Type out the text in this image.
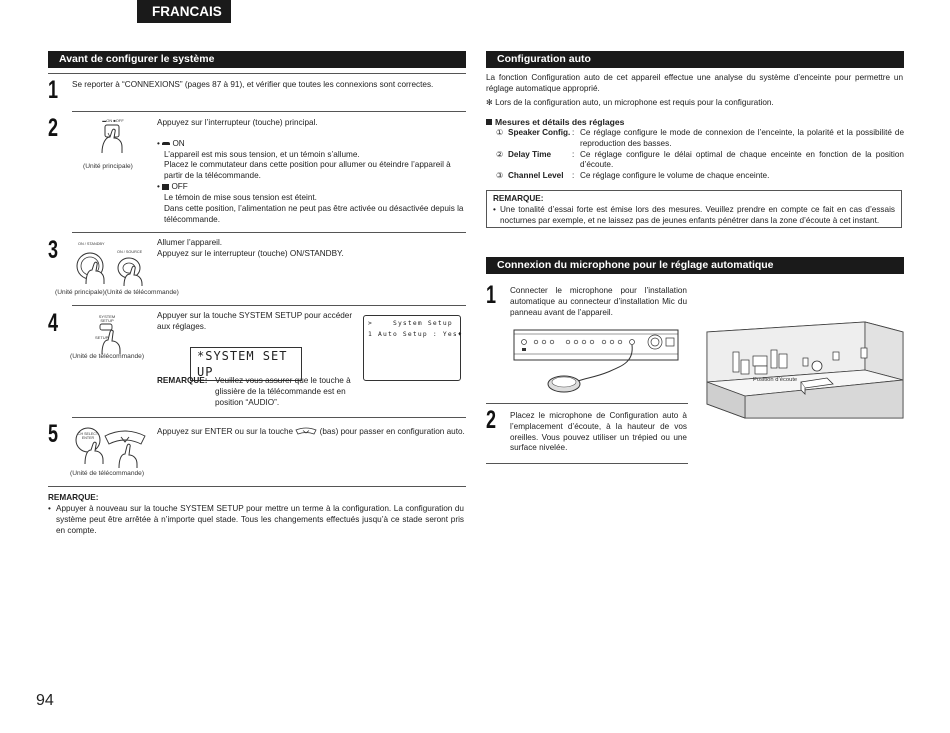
FRANCAIS
Avant de configurer le système
1 Se reporter à “CONNEXIONS” (pages 87 à 91), et vérifier que toutes les connexions sont correctes.
2	▬ON ■OFF
(Unité principale)
Appuyez sur l’interrupteur (touche) principal.
•  ON
L’appareil est mis sous tension, et un témoin s’allume.
Placez le commutateur dans cette position pour allumer ou éteindre l’appareil à partir de la télécommande.
•  OFF
Le témoin de mise sous tension est éteint.
Dans cette position, l’alimentation ne peut pas être activée ou désactivée depuis la télécommande.
3	ON / STANDBY
ON / SOURCE
(Unité principale)(Unité de télécommande)
Allumer l’appareil.
Appuyez sur le interrupteur (touche) ON/STANDBY.
4	SYSTEM SETUP
SETUP
(Unité de télécommande)
Appuyer sur la touche SYSTEM SETUP pour accéder aux réglages.
*SYSTEM SET UP
>    System Setup
1 Auto Setup : Yes♦
REMARQUE: Veuillez vous assurer que le touche à glissière de la télécommande est en position “AUDIO”.
5	CH SELECT ENTER
(Unité de télécommande)
Appuyez sur ENTER ou sur la touche	(bas) pour passer en configuration auto.
REMARQUE:
• Appuyer à nouveau sur la touche SYSTEM SETUP pour mettre un terme à la configuration. La configuration du système peut être arrêtée à n’importe quel stade. Tous les changements effectués jusqu’à ce stade seront pris en compte.
Configuration auto
La fonction Configuration auto de cet appareil effectue une analyse du système d’enceinte pour permettre un réglage automatique approprié.
✻ Lors de la configuration auto, un microphone est requis pour la configuration.
Mesures et détails des réglages
① Speaker Config. : Ce réglage configure le mode de connexion de l’enceinte, la polarité et la possibilité de reproduction des basses.
② Delay Time	: Ce réglage configure le délai optimal de chaque enceinte en fonction de la position d’écoute.
③ Channel Level	: Ce réglage configure le volume de chaque enceinte.
REMARQUE:
• Une tonalité d’essai forte est émise lors des mesures. Veuillez prendre en compte ce fait en cas d’essais nocturnes par exemple, et ne laissez pas de jeunes enfants pénétrer dans la zone d’écoute à cet instant.
Connexion du microphone pour le réglage automatique
1 Connecter le microphone pour l’installation automatique au connecteur d’installation Mic du panneau avant de l’appareil.
Position d’écoute
2 Placez le microphone de Configuration auto à l’emplacement d’écoute, à la hauteur de vos oreilles. Vous pouvez utiliser un trépied ou une surface nivelée.
94
